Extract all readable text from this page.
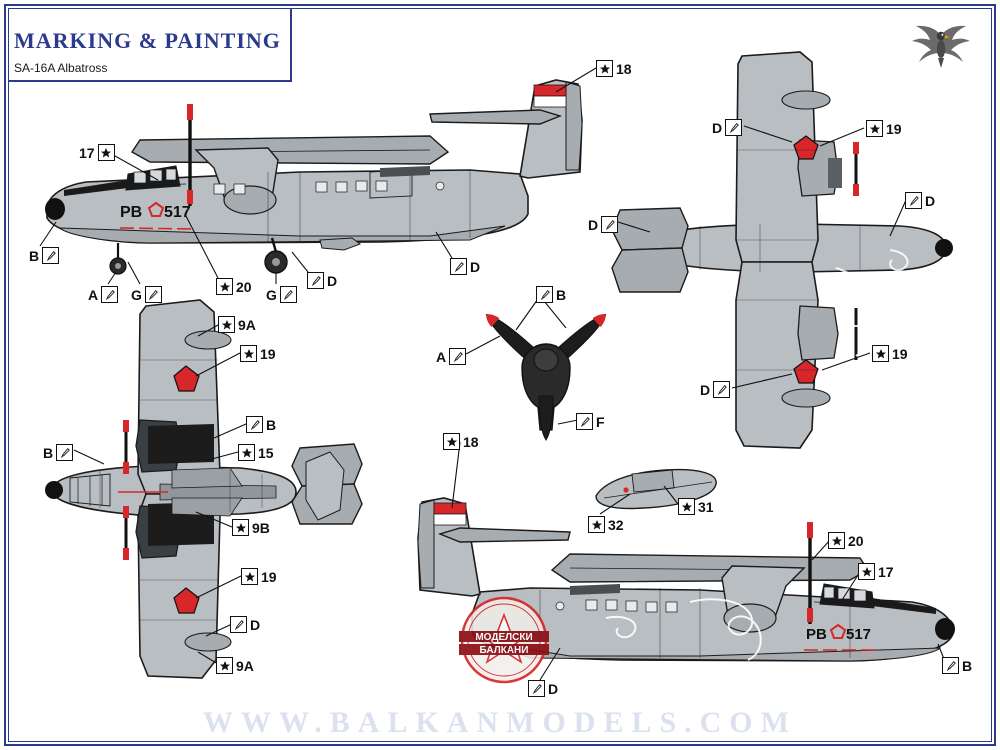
MARKING & PAINTING
SA-16A Albatross
PB 517
PB 517
18
17
B
A G	20 G
D
D
D	19
D
D
D
19
9A
19
B
15
B
9B
19
D
9A
B
A
F
18
32
31
20
17
B
D
МОДЕЛСКИ
БАЛКАНИ
WWW.BALKANMODELS.COM
